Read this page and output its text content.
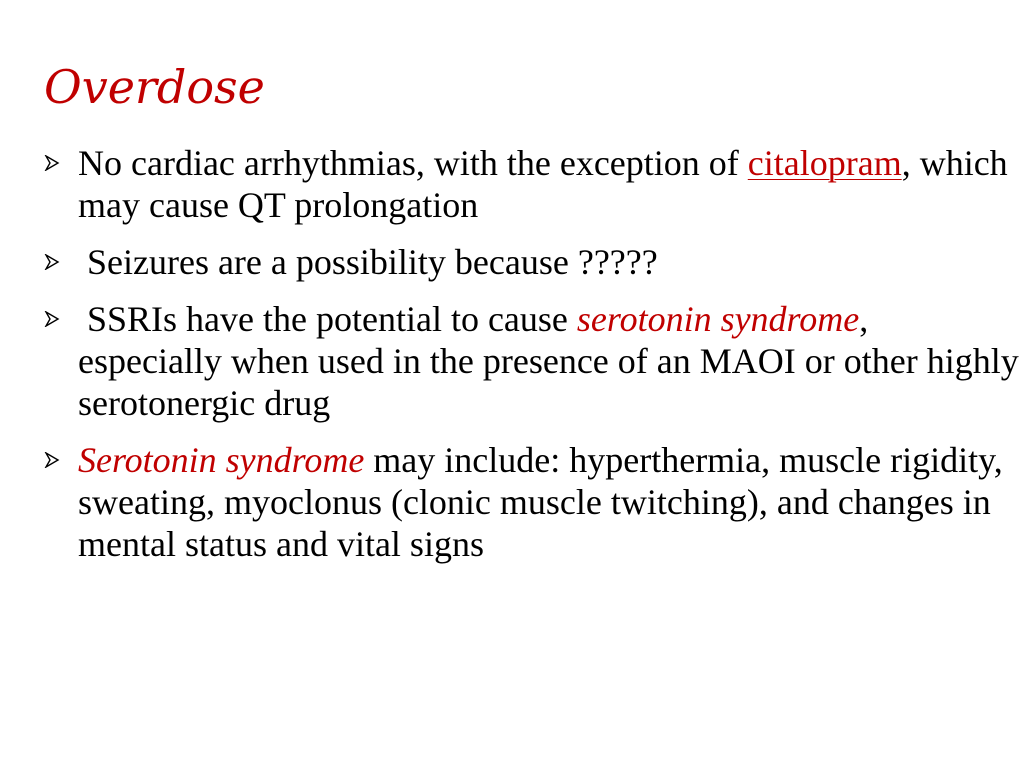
Overdose
No cardiac arrhythmias, with the exception of citalopram, which may cause QT prolongation
Seizures are a possibility because ?????
SSRIs have the potential to cause serotonin syndrome, especially when used in the presence of an MAOI or other highly serotonergic drug
Serotonin syndrome may include: hyperthermia, muscle rigidity, sweating, myoclonus (clonic muscle twitching), and changes in mental status and vital signs
